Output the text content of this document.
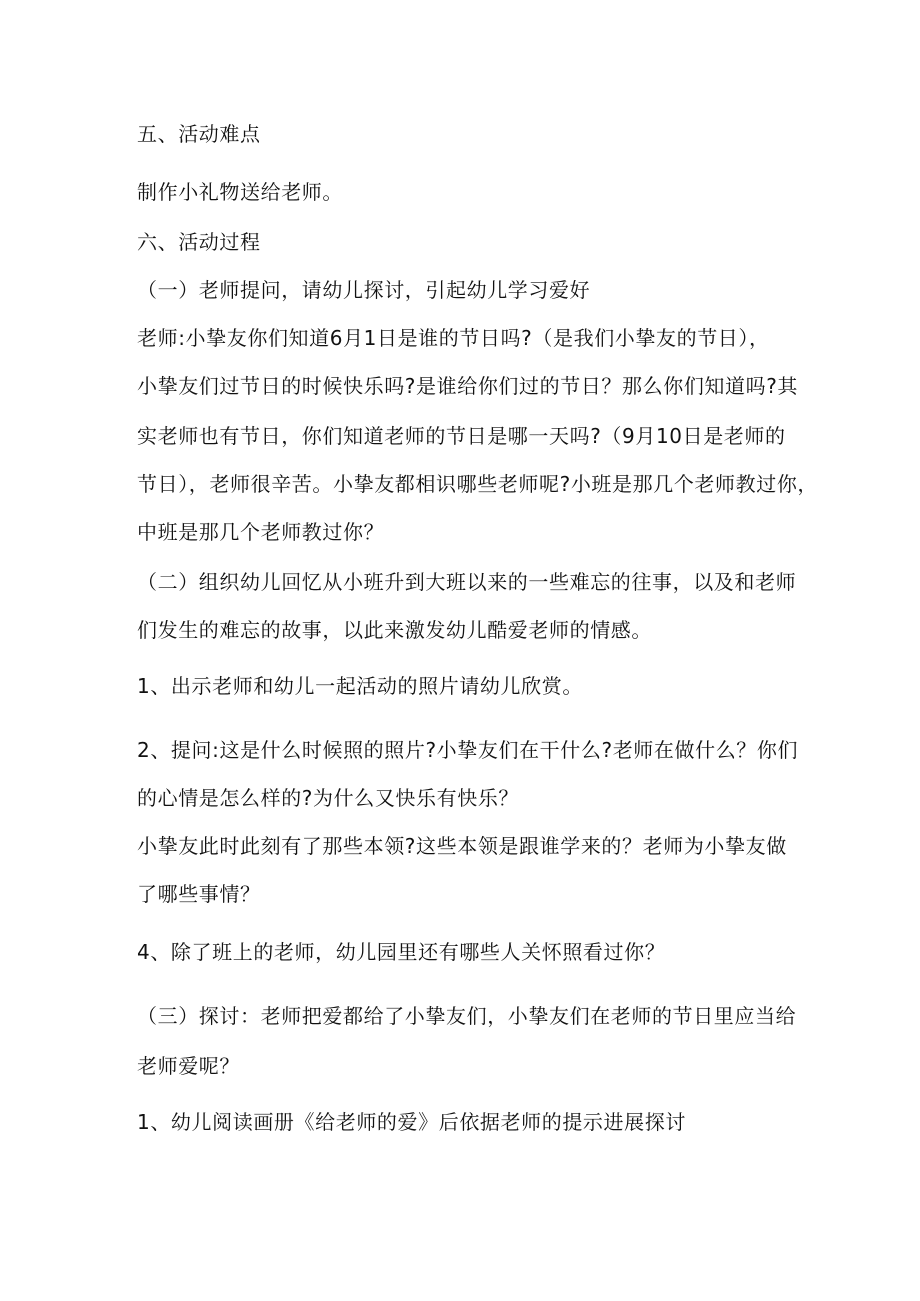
五、活动难点

制作小礼物送给老师。

六、活动过程

（一）老师提问，请幼儿探讨，引起幼儿学习爱好

老师:小挚友你们知道6月1日是谁的节日吗?（是我们小挚友的节日），

小挚友们过节日的时候快乐吗?是谁给你们过的节日？那么你们知道吗?其

实老师也有节日，你们知道老师的节日是哪一天吗?（9月10日是老师的

节日），老师很辛苦。小挚友都相识哪些老师呢?小班是那几个老师教过你，

中班是那几个老师教过你？

（二）组织幼儿回忆从小班升到大班以来的一些难忘的往事，以及和老师

们发生的难忘的故事，以此来激发幼儿酷爱老师的情感。

1、出示老师和幼儿一起活动的照片请幼儿欣赏。

2、提问:这是什么时候照的照片?小挚友们在干什么?老师在做什么？你们

的心情是怎么样的?为什么又快乐有快乐？

小挚友此时此刻有了那些本领?这些本领是跟谁学来的？老师为小挚友做

了哪些事情？

4、除了班上的老师，幼儿园里还有哪些人关怀照看过你？

（三）探讨：老师把爱都给了小挚友们，小挚友们在老师的节日里应当给

老师爱呢？

1、幼儿阅读画册《给老师的爱》后依据老师的提示进展探讨
